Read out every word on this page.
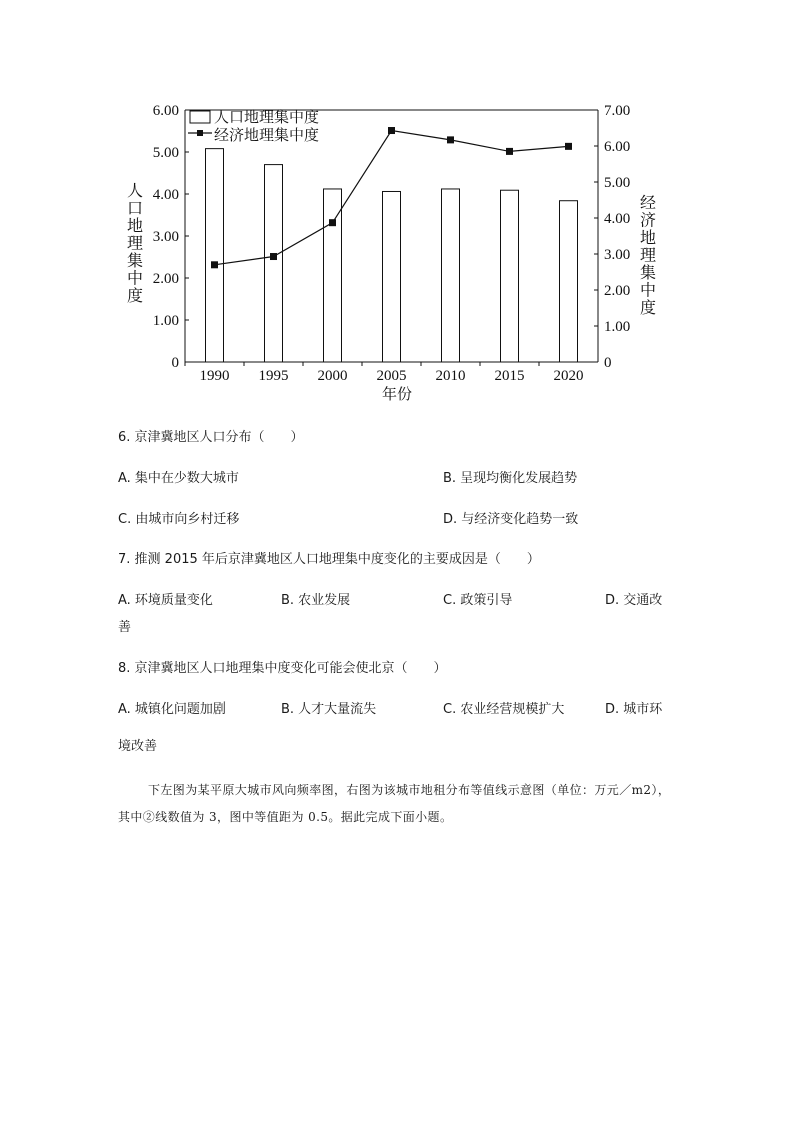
0
1.00
2.00
3.00
4.00
5.00
6.00
0
1.00
2.00
3.00
4.00
5.00
6.00
7.00
1990 1995 2000 2005 2010 2015 2020
人口地理集中度
经济地理集中度
人口地理集中度
经济地理集中度
年份
6. 京津冀地区人口分布（　　）
A. 集中在少数大城市	B. 呈现均衡化发展趋势
C. 由城市向乡村迁移	D. 与经济变化趋势一致
7. 推测 2015 年后京津冀地区人口地理集中度变化的主要成因是（　　）
A. 环境质量变化	B. 农业发展	C. 政策引导	D. 交通改
善
8. 京津冀地区人口地理集中度变化可能会使北京（　　）
A. 城镇化问题加剧	B. 人才大量流失	C. 农业经营规模扩大	D. 城市环
境改善
下左图为某平原大城市风向频率图，右图为该城市地租分布等值线示意图（单位：万元／m2），其中②线数值为 3，图中等值距为 0.5。据此完成下面小题。
